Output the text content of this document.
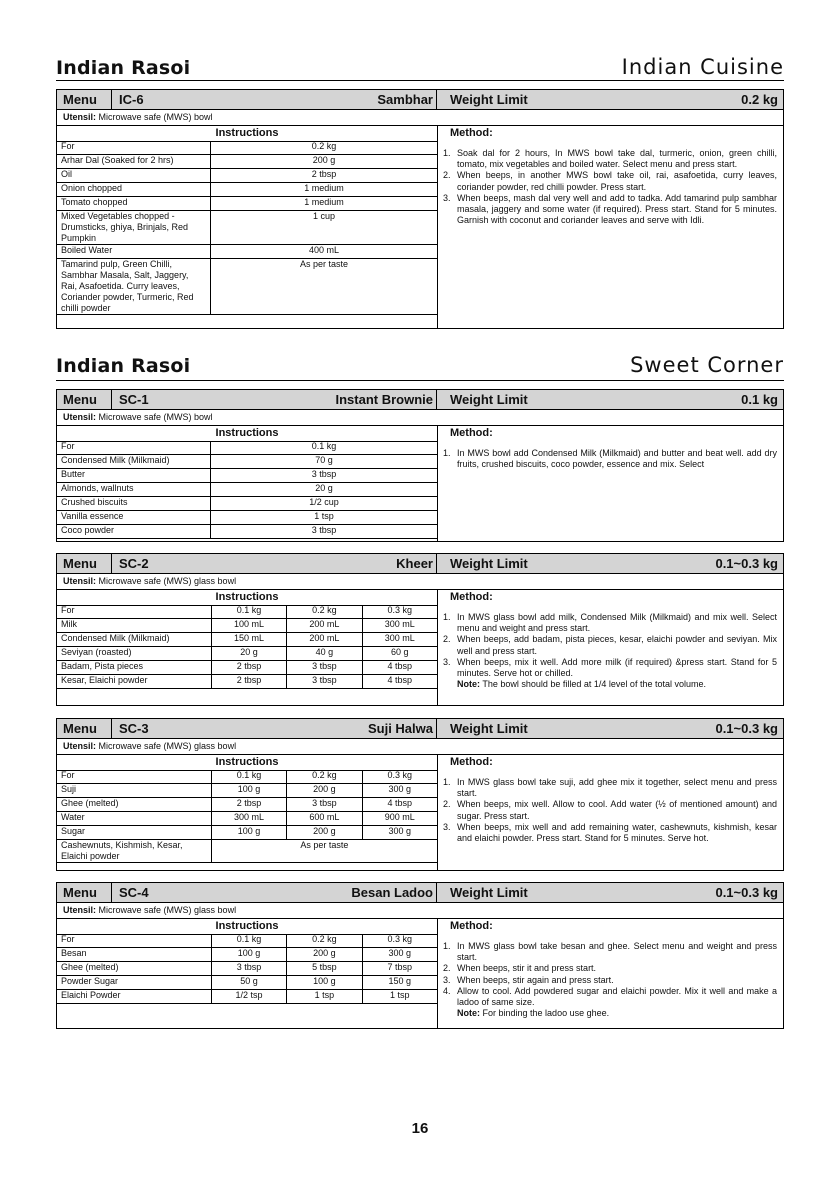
Indian Rasoi	Indian Cuisine
Menu IC-6	Sambhar Weight Limit	0.2 kg
Utensil: Microwave safe (MWS) bowl
Instructions	Method:
For	0.2 kg
Arhar Dal (Soaked for 2 hrs)	200 g
Oil	2 tbsp
Onion chopped	1 medium
Tomato chopped	1 medium
Mixed Vegetables chopped - Drumsticks, ghiya, Brinjals, Red Pumpkin	1 cup
Boiled Water	400 mL
Tamarind pulp, Green Chilli, Sambhar Masala, Salt, Jaggery, Rai, Asafoetida. Curry leaves, Coriander powder, Turmeric, Red chilli powder	As per taste
1. Soak dal for 2 hours, In MWS bowl take dal, turmeric, onion, green chilli, tomato, mix vegetables and boiled water. Select menu and press start.
2. When beeps, in another MWS bowl take oil, rai, asafoetida, curry leaves, coriander powder, red chilli powder. Press start.
3. When beeps, mash dal very well and add to tadka. Add tamarind pulp sambhar masala, jaggery and some water (if required). Press start. Stand for 5 minutes. Garnish with coconut and coriander leaves and serve with Idli.
Indian Rasoi	Sweet Corner
Menu SC-1	Instant Brownie Weight Limit	0.1 kg
Utensil: Microwave safe (MWS) bowl
Instructions	Method:
For	0.1 kg
Condensed Milk (Milkmaid)	70 g
Butter	3 tbsp
Almonds, wallnuts	20 g
Crushed biscuits	1/2 cup
Vanilla essence	1 tsp
Coco powder	3 tbsp
1. In MWS bowl add Condensed Milk (Milkmaid) and butter and beat well. add dry fruits, crushed biscuits, coco powder, essence and mix. Select
Menu SC-2	Kheer Weight Limit	0.1~0.3 kg
Utensil: Microwave safe (MWS) glass bowl
Instructions	Method:
For	0.1 kg	0.2 kg	0.3 kg
Milk	100 mL	200 mL	300 mL
Condensed Milk (Milkmaid)	150 mL	200 mL	300 mL
Seviyan (roasted)	20 g	40 g	60 g
Badam, Pista pieces	2 tbsp	3 tbsp	4 tbsp
Kesar, Elaichi powder	2 tbsp	3 tbsp	4 tbsp
1. In MWS glass bowl add milk, Condensed Milk (Milkmaid) and mix well. Select menu and weight and press start.
2. When beeps, add badam, pista pieces, kesar, elaichi powder and seviyan. Mix well and press start.
3. When beeps, mix it well. Add more milk (if required) &press start. Stand for 5 minutes. Serve hot or chilled.
Note: The bowl should be filled at 1/4 level of the total volume.
Menu SC-3	Suji Halwa Weight Limit	0.1~0.3 kg
Utensil: Microwave safe (MWS) glass bowl
Instructions	Method:
For	0.1 kg	0.2 kg	0.3 kg
Suji	100 g	200 g	300 g
Ghee (melted)	2 tbsp	3 tbsp	4 tbsp
Water	300 mL	600 mL	900 mL
Sugar	100 g	200 g	300 g
Cashewnuts, Kishmish, Kesar, Elaichi powder	As per taste		
1. In MWS glass bowl take suji, add ghee mix it together, select menu and press start.
2. When beeps, mix well. Allow to cool. Add water (½ of mentioned amount) and sugar. Press start.
3. When beeps, mix well and add remaining water, cashewnuts, kishmish, kesar and elaichi powder. Press start. Stand for 5 minutes. Serve hot.
Menu SC-4	Besan Ladoo Weight Limit	0.1~0.3 kg
Utensil: Microwave safe (MWS) glass bowl
Instructions	Method:
For	0.1 kg	0.2 kg	0.3 kg
Besan	100 g	200 g	300 g
Ghee (melted)	3 tbsp	5 tbsp	7 tbsp
Powder Sugar	50 g	100 g	150 g
Elaichi Powder	1/2 tsp	1 tsp	1 tsp
1. In MWS glass bowl take besan and ghee. Select menu and weight and press start.
2. When beeps, stir it and press start.
3. When beeps, stir again and press start.
4. Allow to cool. Add powdered sugar and elaichi powder. Mix it well and make a ladoo of same size.
Note: For binding the ladoo use ghee.
16
